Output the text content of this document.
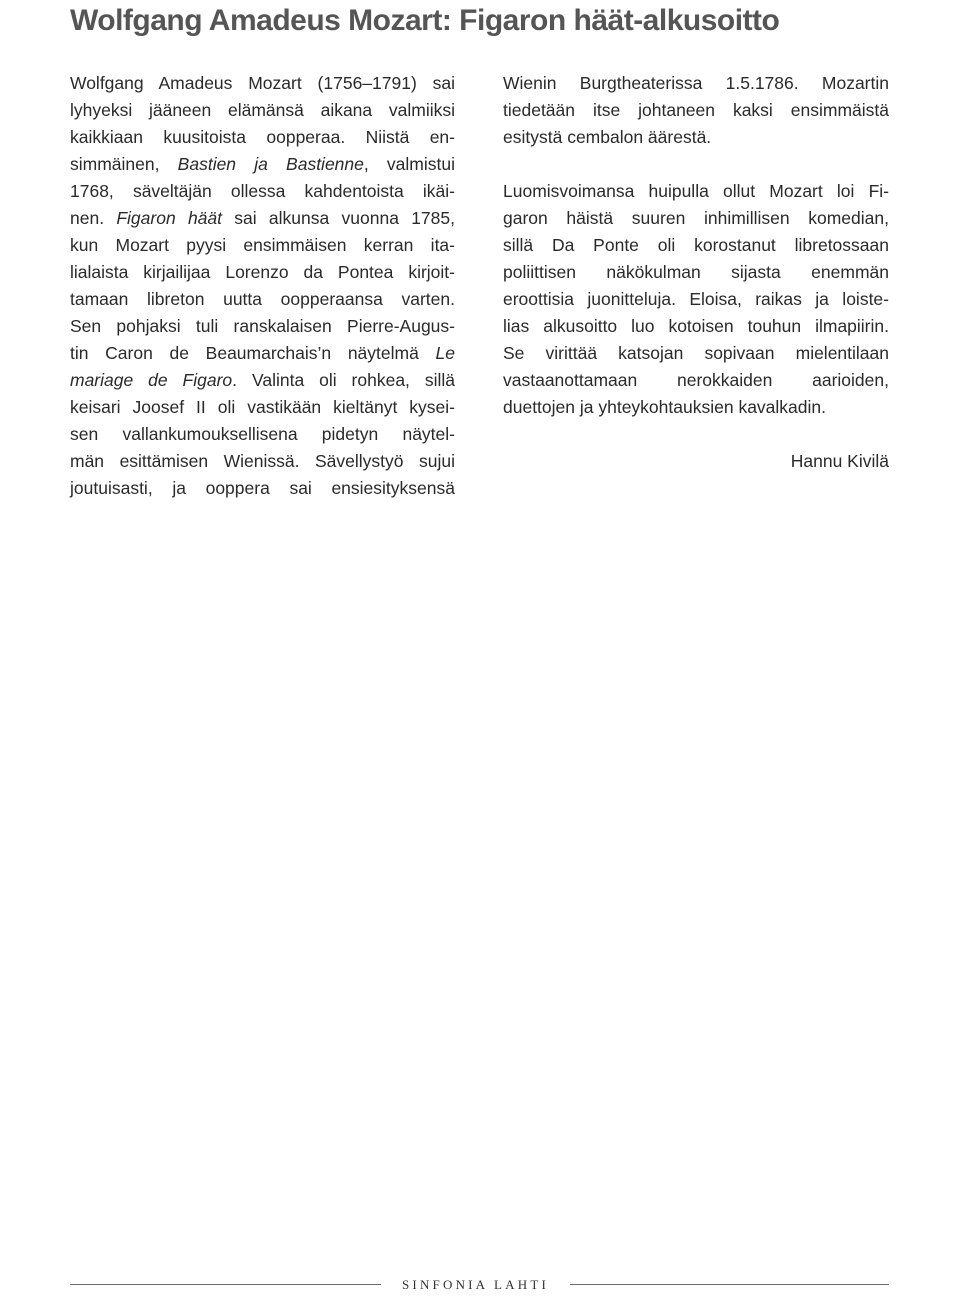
Wolfgang Amadeus Mozart: Figaron häät-alkusoitto
Wolfgang Amadeus Mozart (1756–1791) sai
lyhyeksi jääneen elämänsä aikana valmiiksi
kaikkiaan kuusitoista oopperaa. Niistä en-
simmäinen, Bastien ja Bastienne, valmistui
1768, säveltäjän ollessa kahdentoista ikäi-
nen. Figaron häät sai alkunsa vuonna 1785,
kun Mozart pyysi ensimmäisen kerran ita-
lialaista kirjailijaa Lorenzo da Pontea kirjoit-
tamaan libreton uutta oopperaansa varten.
Sen pohjaksi tuli ranskalaisen Pierre-Augus-
tin Caron de Beaumarchais’n näytelmä Le
mariage de Figaro. Valinta oli rohkea, sillä
keisari Joosef II oli vastikään kieltänyt kysei-
sen vallankumouksellisena pidetyn näytel-
män esittämisen Wienissä. Sävellystyö sujui
joutuisasti, ja ooppera sai ensiesityksensä
Wienin Burgtheaterissa 1.5.1786. Mozartin
tiedetään itse johtaneen kaksi ensimmäistä
esitystä cembalon äärestä.
Luomisvoimansa huipulla ollut Mozart loi Fi-
garon häistä suuren inhimillisen komedian,
sillä Da Ponte oli korostanut libretossaan
poliittisen näkökulman sijasta enemmän
eroottisia juonitteluja. Eloisa, raikas ja loiste-
lias alkusoitto luo kotoisen touhun ilmapiirin.
Se virittää katsojan sopivaan mielentilaan
vastaanottamaan nerokkaiden aarioiden,
duettojen ja yhteykohtauksien kavalkadin.
Hannu Kivilä
SINFONIA LAHTI
